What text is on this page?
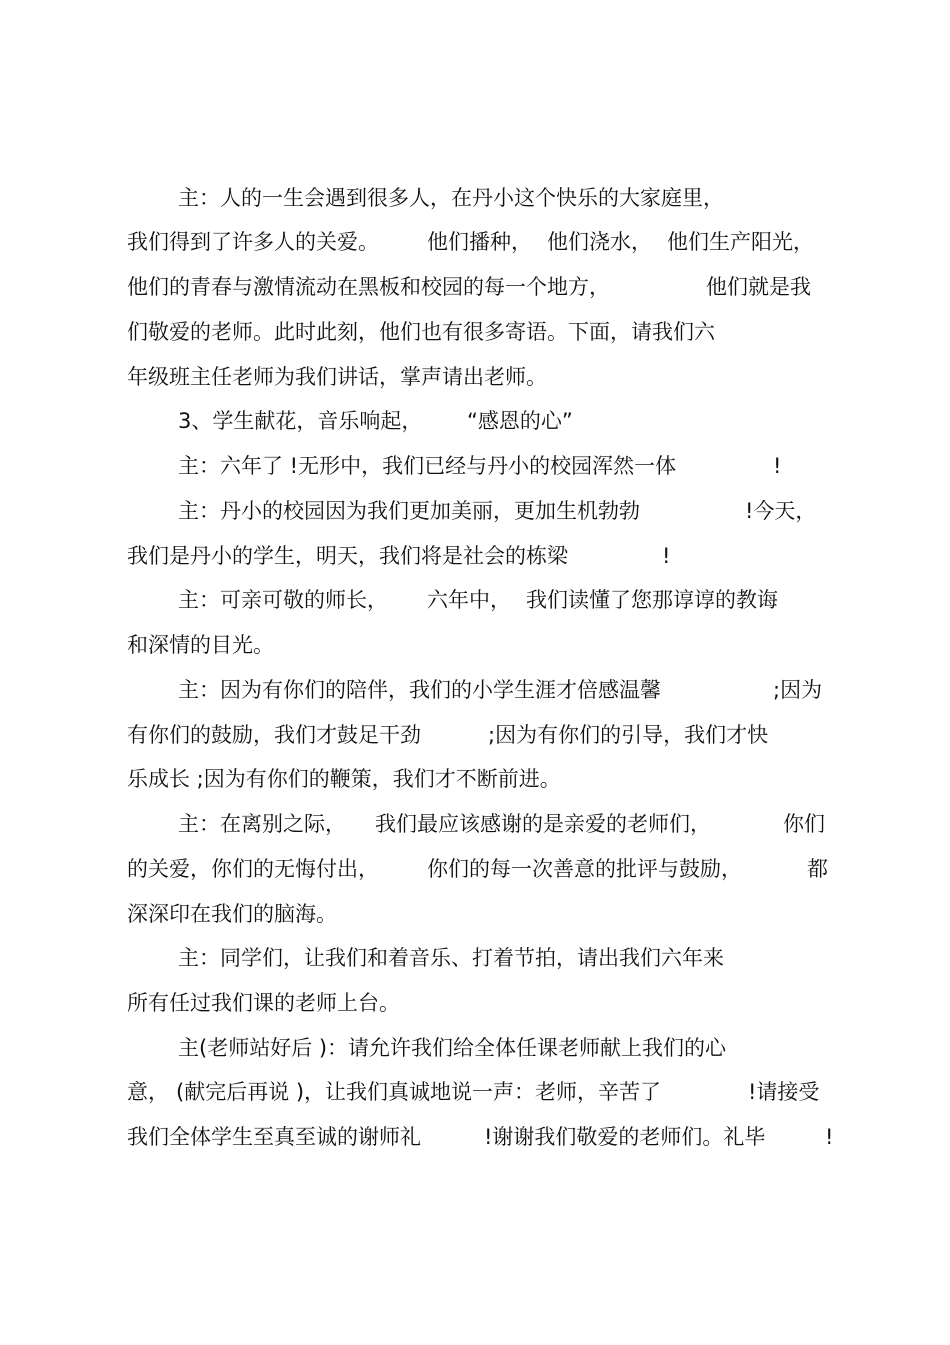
主：人的一生会遇到很多人，在丹小这个快乐的大家庭里，
我们得到了许多人的关爱。 他们播种， 他们浇水， 他们生产阳光，
他们的青春与激情流动在黑板和校园的每一个地方，	他们就是我
们敬爱的老师。此时此刻，他们也有很多寄语。下面，请我们六
年级班主任老师为我们讲话，掌声请出老师。
3、学生献花，音乐响起， “感恩的心”
主：六年了 !无形中，我们已经与丹小的校园浑然一体	!
主：丹小的校园因为我们更加美丽，更加生机勃勃	!今天，
我们是丹小的学生，明天，我们将是社会的栋梁	!
主：可亲可敬的师长， 六年中， 我们读懂了您那谆谆的教诲
和深情的目光。
主：因为有你们的陪伴，我们的小学生涯才倍感温馨	;因为
有你们的鼓励，我们才鼓足干劲	;因为有你们的引导，我们才快
乐成长 ;因为有你们的鞭策，我们才不断前进。
主：在离别之际， 我们最应该感谢的是亲爱的老师们，	你们
的关爱，你们的无悔付出， 你们的每一次善意的批评与鼓励，	都
深深印在我们的脑海。
主：同学们，让我们和着音乐、打着节拍，请出我们六年来
所有任过我们课的老师上台。
主(老师站好后 )：请允许我们给全体任课老师献上我们的心
意， (献完后再说 )，让我们真诚地说一声：老师，辛苦了	!请接受
我们全体学生至真至诚的谢师礼	!谢谢我们敬爱的老师们。礼毕	!
